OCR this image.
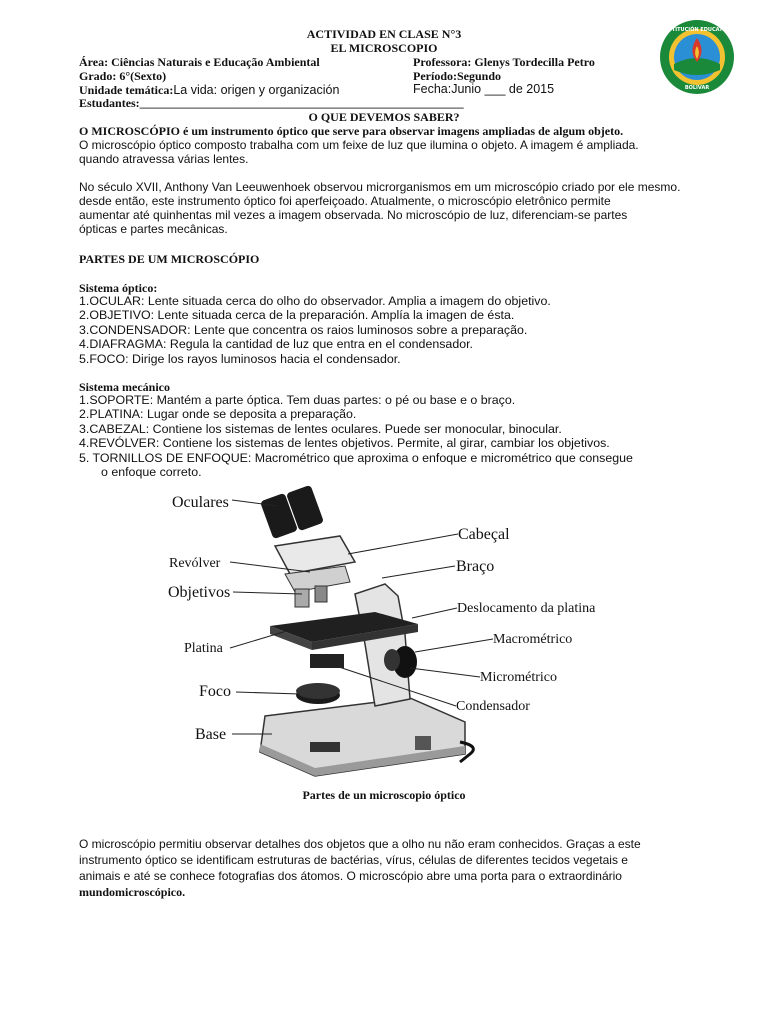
ACTIVIDAD EN CLASE N°3
EL MICROSCOPIO
Área: Ciências Naturais e Educação Ambiental	Professora: Glenys Tordecilla Petro
Grado: 6°(Sexto)	Período:Segundo
Unidade temática:La vida: origen y organización	Fecha:Junio ___ de 2015
Estudantes:______________________________________________________
INSTITUCIÓN EDUCATIVA
BOLIVAR
O QUE DEVEMOS SABER?
O MICROSCÓPIO é um instrumento óptico que serve para observar imagens ampliadas de algum objeto.
O microscópio óptico composto trabalha com um feixe de luz que ilumina o objeto. A imagem é ampliada.
quando atravessa várias lentes.
No século XVII, Anthony Van Leeuwenhoek observou microrganismos em um microscópio criado por ele mesmo.
desde então, este instrumento óptico foi aperfeiçoado. Atualmente, o microscópio eletrônico permite
aumentar até quinhentas mil vezes a imagem observada. No microscópio de luz, diferenciam-se partes
ópticas e partes mecânicas.
PARTES DE UM MICROSCÓPIO
Sistema óptico:
1.OCULAR: Lente situada cerca do olho do observador. Amplia a imagem do objetivo.
2.OBJETIVO: Lente situada cerca de la preparación. Amplía la imagen de ésta.
3.CONDENSADOR: Lente que concentra os raios luminosos sobre a preparação.
4.DIAFRAGMA: Regula la cantidad de luz que entra en el condensador.
5.FOCO: Dirige los rayos luminosos hacia el condensador.
Sistema mecánico
1.SOPORTE: Mantém a parte óptica. Tem duas partes: o pé ou base e o braço.
2.PLATINA: Lugar onde se deposita a preparação.
3.CABEZAL: Contiene los sistemas de lentes oculares. Puede ser monocular, binocular.
4.REVÓLVER: Contiene los sistemas de lentes objetivos. Permite, al girar, cambiar los objetivos.
5. TORNILLOS DE ENFOQUE: Macrométrico que aproxima o enfoque e micrométrico que consegue
o enfoque correto.
Oculares
Revólver
Objetivos
Platina
Foco
Base
Cabeçal
Braço
Deslocamento da platina
Macrométrico
Micrométrico
Condensador
Partes de un microscopio óptico
O microscópio permitiu observar detalhes dos objetos que a olho nu não eram conhecidos. Graças a este
instrumento óptico se identificam estruturas de bactérias, vírus, células de diferentes tecidos vegetais e
animais e até se conhece fotografias dos átomos. O microscópio abre uma porta para o extraordinário
mundomicroscópico.
